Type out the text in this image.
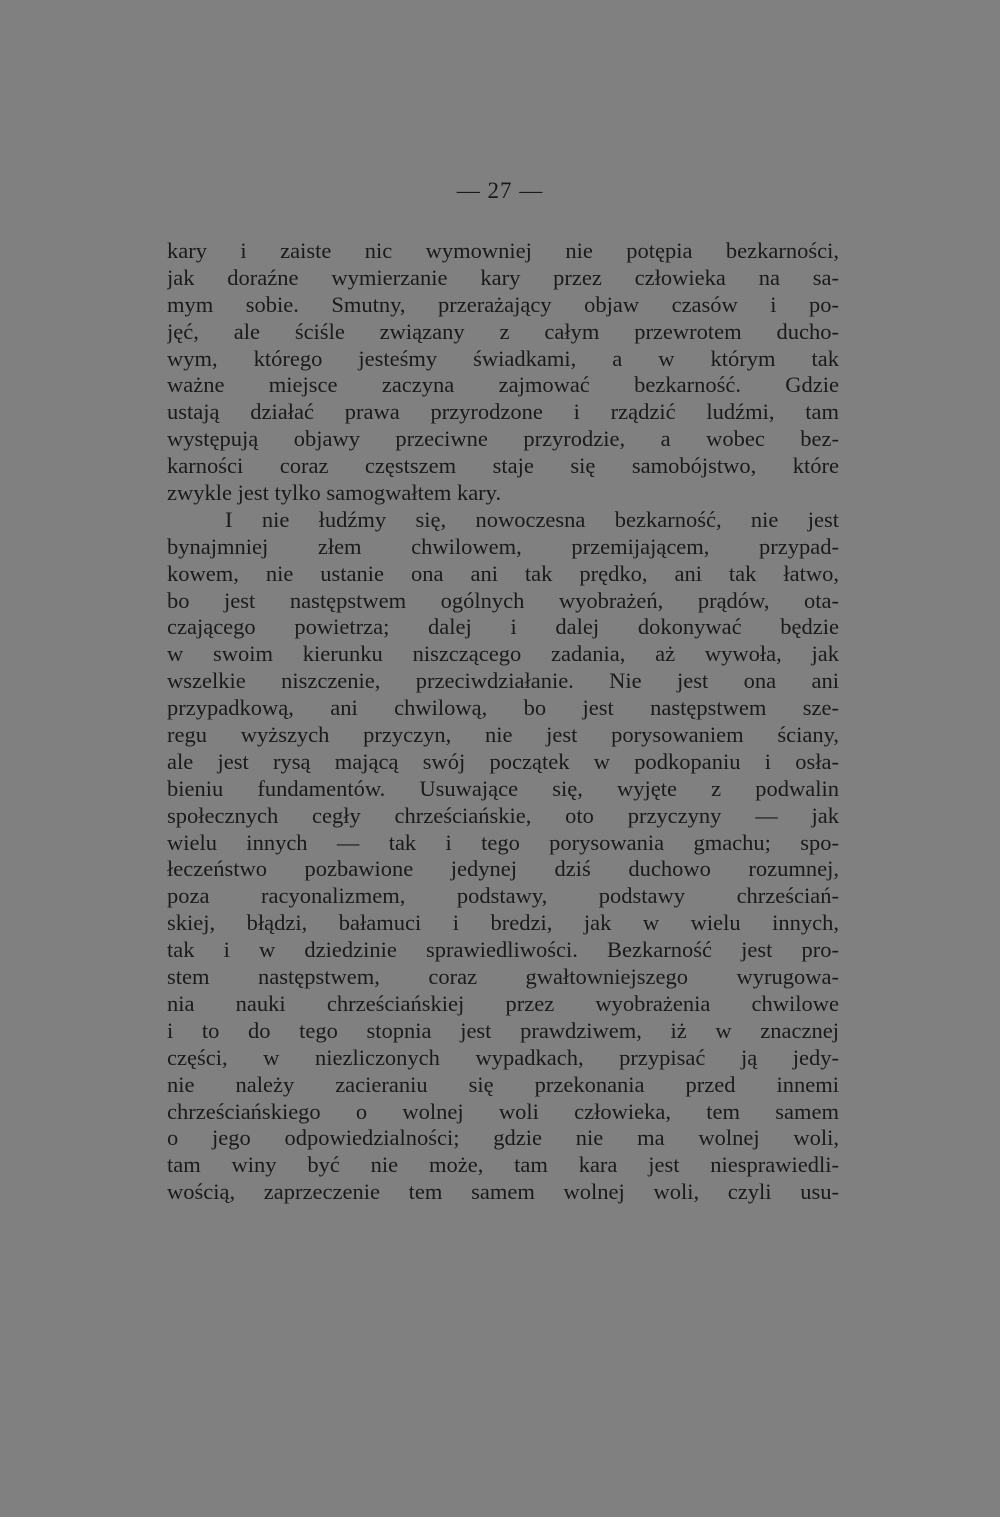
— 27 —
kary i zaiste nic wymowniej nie potępia bezkarności,
jak doraźne wymierzanie kary przez człowieka na sa-
mym sobie. Smutny, przerażający objaw czasów i po-
jęć, ale ściśle związany z całym przewrotem ducho-
wym, którego jesteśmy świadkami, a w którym tak
ważne miejsce zaczyna zajmować bezkarność. Gdzie
ustają działać prawa przyrodzone i rządzić ludźmi, tam
występują objawy przeciwne przyrodzie, a wobec bez-
karności coraz częstszem staje się samobójstwo, które
zwykle jest tylko samogwałtem kary.
I nie łudźmy się, nowoczesna bezkarność, nie jest
bynajmniej złem chwilowem, przemijającem, przypad-
kowem, nie ustanie ona ani tak prędko, ani tak łatwo,
bo jest następstwem ogólnych wyobrażeń, prądów, ota-
czającego powietrza; dalej i dalej dokonywać będzie
w swoim kierunku niszczącego zadania, aż wywoła, jak
wszelkie niszczenie, przeciwdziałanie. Nie jest ona ani
przypadkową, ani chwilową, bo jest następstwem sze-
regu wyższych przyczyn, nie jest porysowaniem ściany,
ale jest rysą mającą swój początek w podkopaniu i osła-
bieniu fundamentów. Usuwające się, wyjęte z podwalin
społecznych cegły chrześciańskie, oto przyczyny — jak
wielu innych — tak i tego porysowania gmachu; spo-
łeczeństwo pozbawione jedynej dziś duchowo rozumnej,
poza racyonalizmem, podstawy, podstawy chrześciań-
skiej, błądzi, bałamuci i bredzi, jak w wielu innych,
tak i w dziedzinie sprawiedliwości. Bezkarność jest pro-
stem następstwem, coraz gwałtowniejszego wyrugowa-
nia nauki chrześciańskiej przez wyobrażenia chwilowe
i to do tego stopnia jest prawdziwem, iż w znacznej
części, w niezliczonych wypadkach, przypisać ją jedy-
nie należy zacieraniu się przekonania przed innemi
chrześciańskiego o wolnej woli człowieka, tem samem
o jego odpowiedzialności; gdzie nie ma wolnej woli,
tam winy być nie może, tam kara jest niesprawiedli-
wością, zaprzeczenie tem samem wolnej woli, czyli usu-
